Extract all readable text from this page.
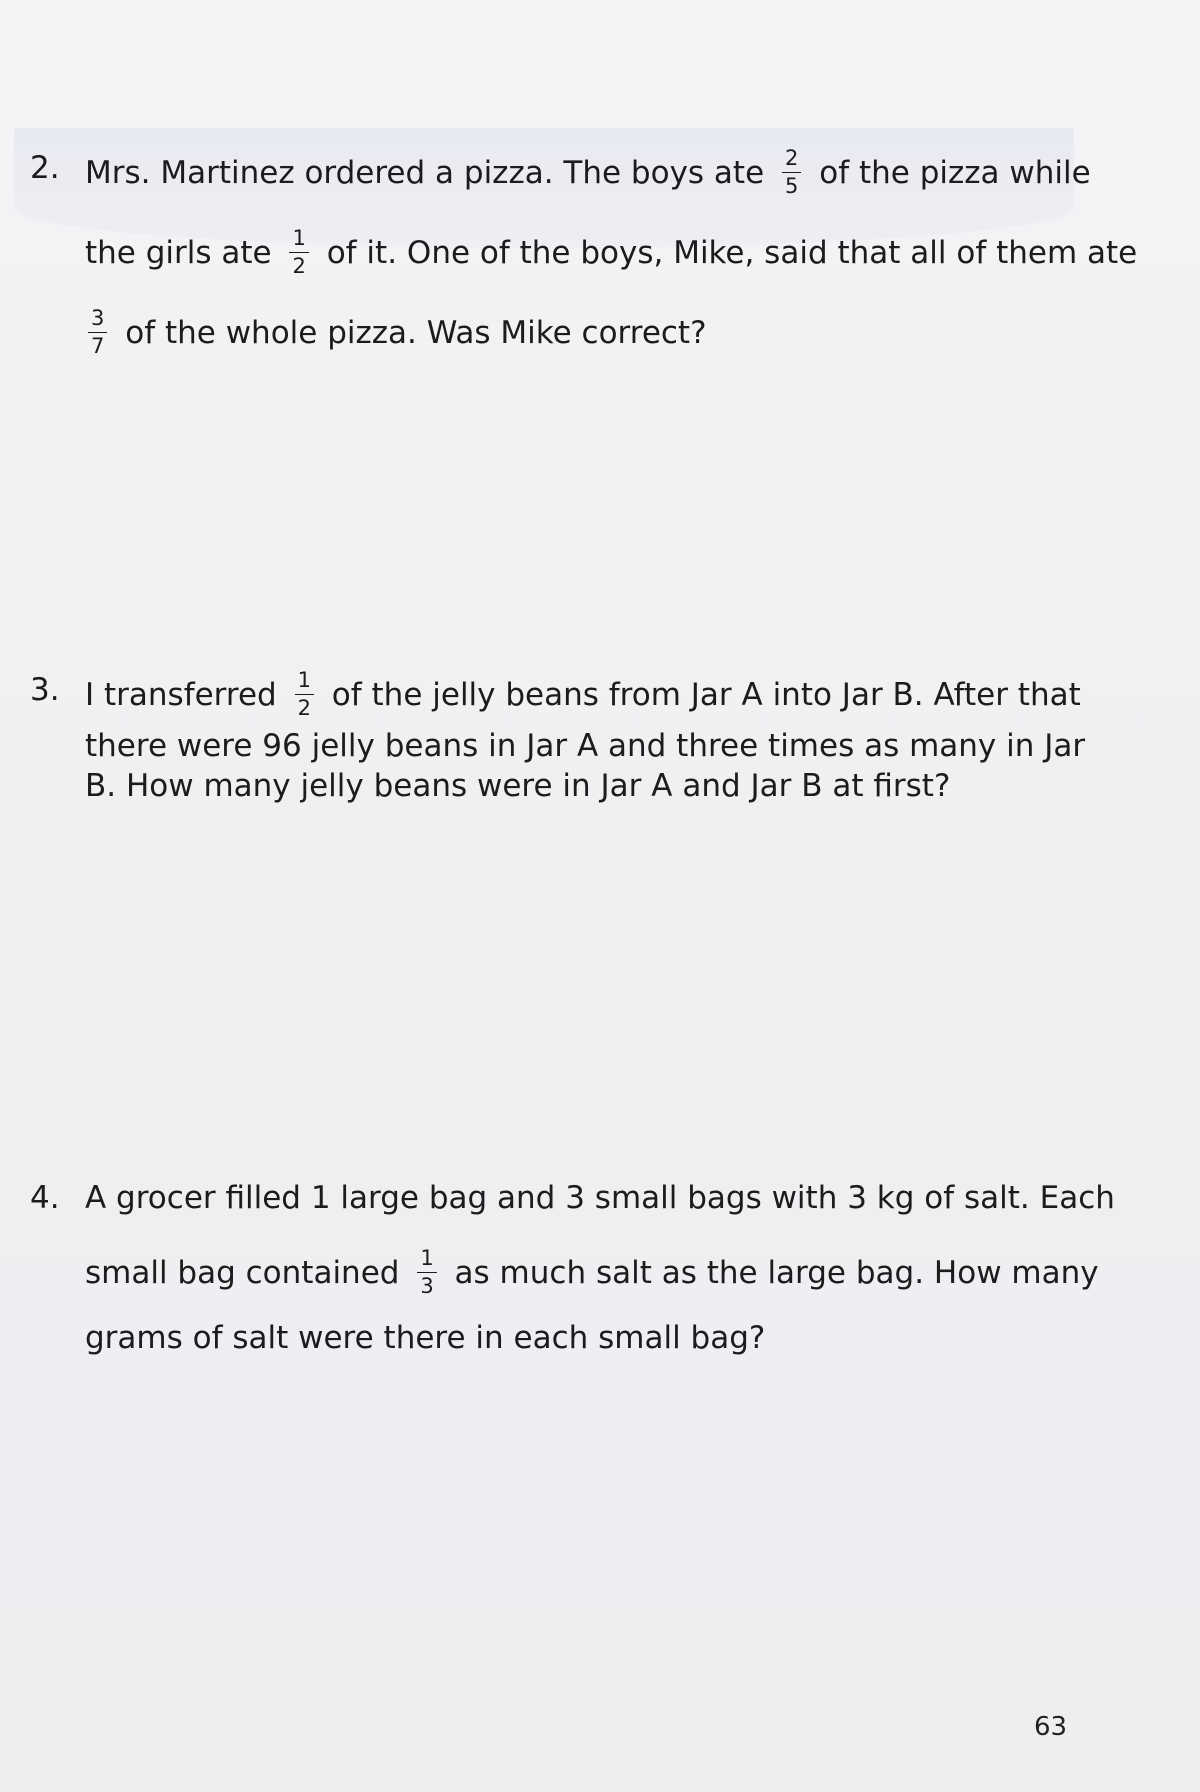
2. Mrs. Martinez ordered a pizza. The boys ate $\frac{2}{5}$ of the pizza while
the girls ate $\frac{1}{2}$ of it. One of the boys, Mike, said that all of them ate
$\frac{3}{7}$ of the whole pizza. Was Mike correct?
3. I transferred $\frac{1}{2}$ of the jelly beans from Jar A into Jar B. After that
there were 96 jelly beans in Jar A and three times as many in Jar
B. How many jelly beans were in Jar A and Jar B at first?
4. A grocer filled 1 large bag and 3 small bags with 3 kg of salt. Each
small bag contained $\frac{1}{3}$ as much salt as the large bag. How many
grams of salt were there in each small bag?
63
